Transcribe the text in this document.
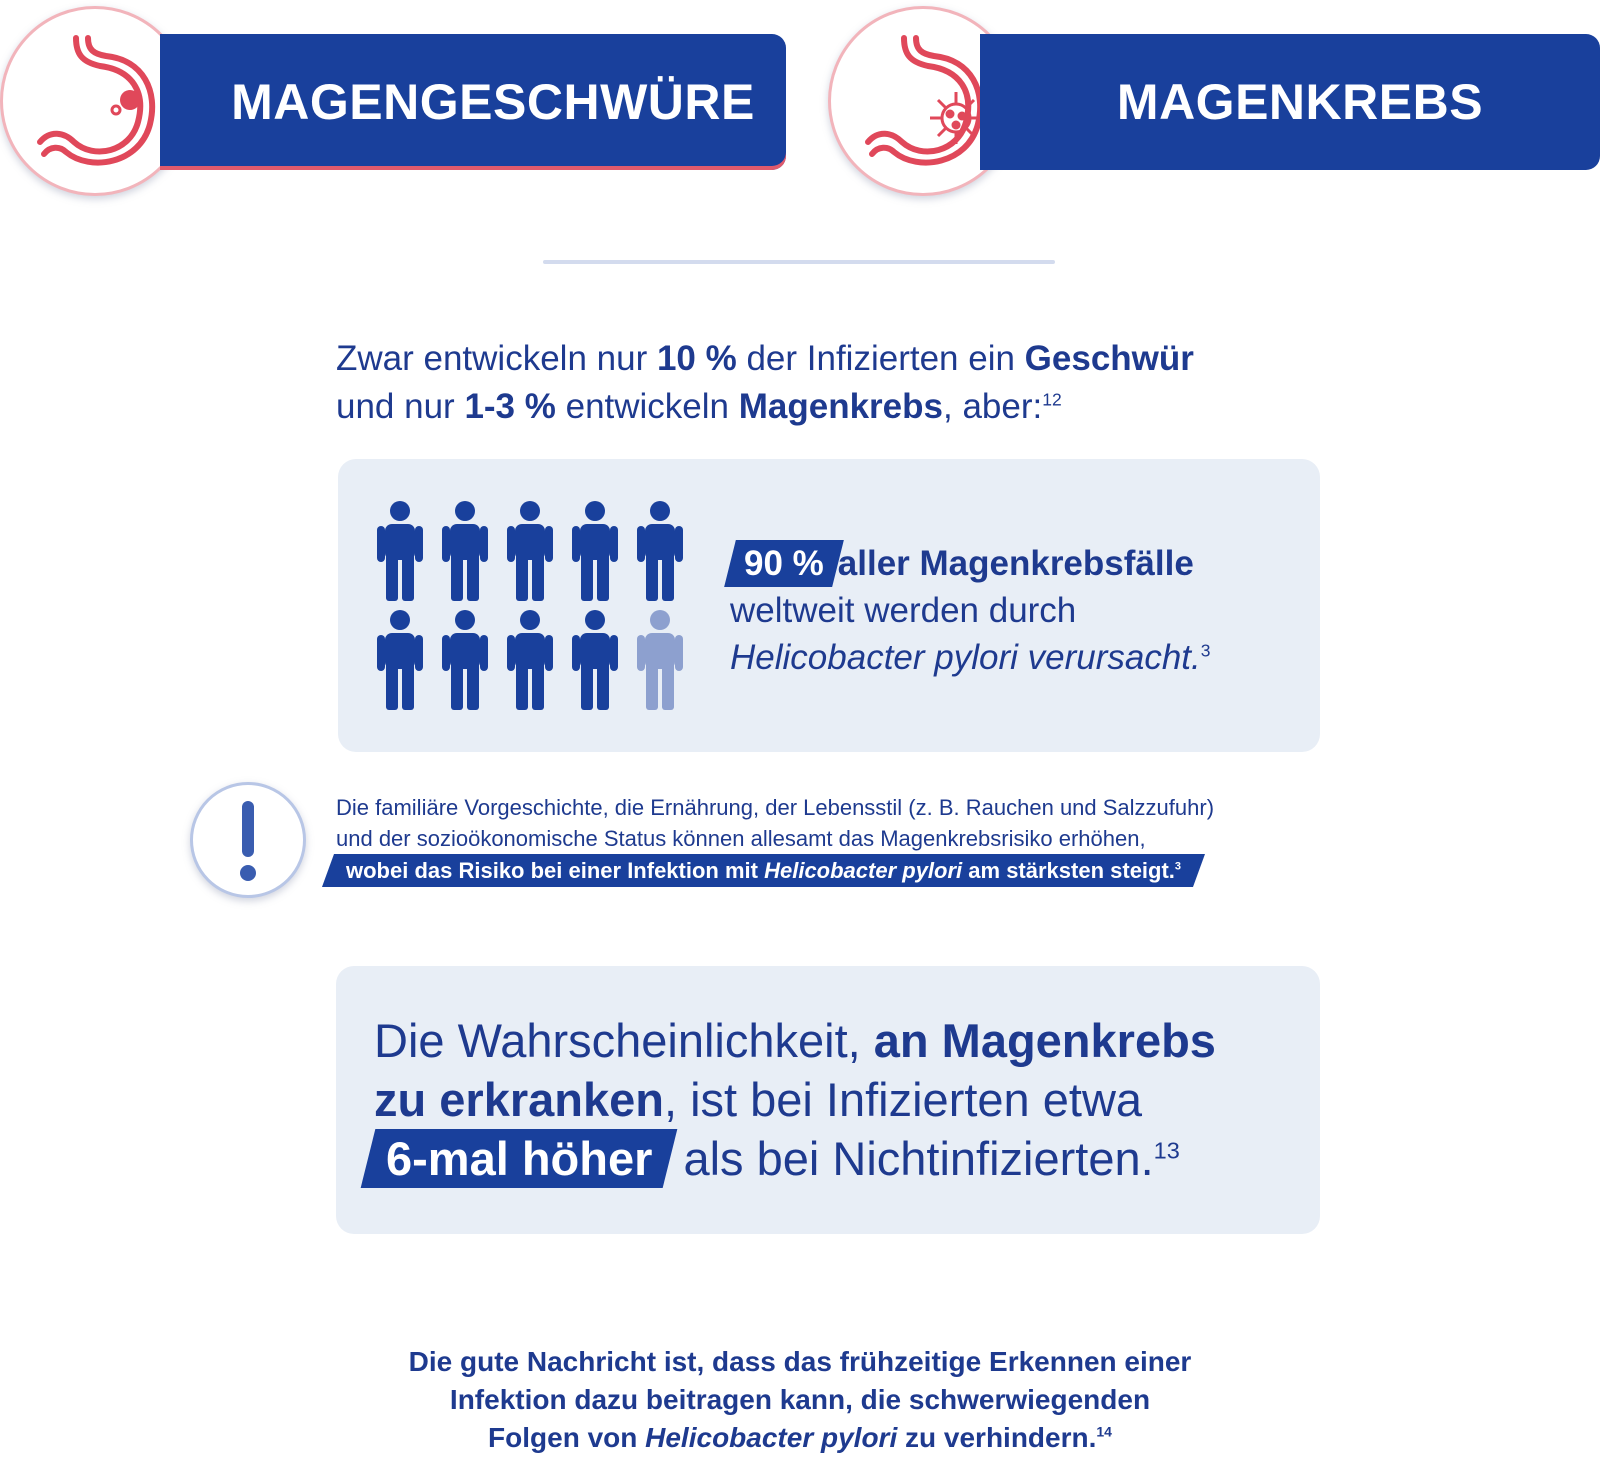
MAGENGESCHWÜRE	MAGENKREBS
Zwar entwickeln nur 10 % der Infizierten ein Geschwür
und nur 1-3 % entwickeln Magenkrebs, aber:$^{12}$
90 % aller Magenkrebsfälle
weltweit werden durch
Helicobacter pylori verursacht.$^3$
Die familiäre Vorgeschichte, die Ernährung, der Lebensstil (z. B. Rauchen und Salzzufuhr)
und der sozioökonomische Status können allesamt das Magenkrebsrisiko erhöhen,
wobei das Risiko bei einer Infektion mit Helicobacter pylori am stärksten steigt.$^3$
Die Wahrscheinlichkeit, an Magenkrebs
zu erkranken, ist bei Infizierten etwa
6-mal höher als bei Nichtinfizierten.$^{13}$
Die gute Nachricht ist, dass das frühzeitige Erkennen einer
Infektion dazu beitragen kann, die schwerwiegenden
Folgen von Helicobacter pylori zu verhindern.$^{14}$
